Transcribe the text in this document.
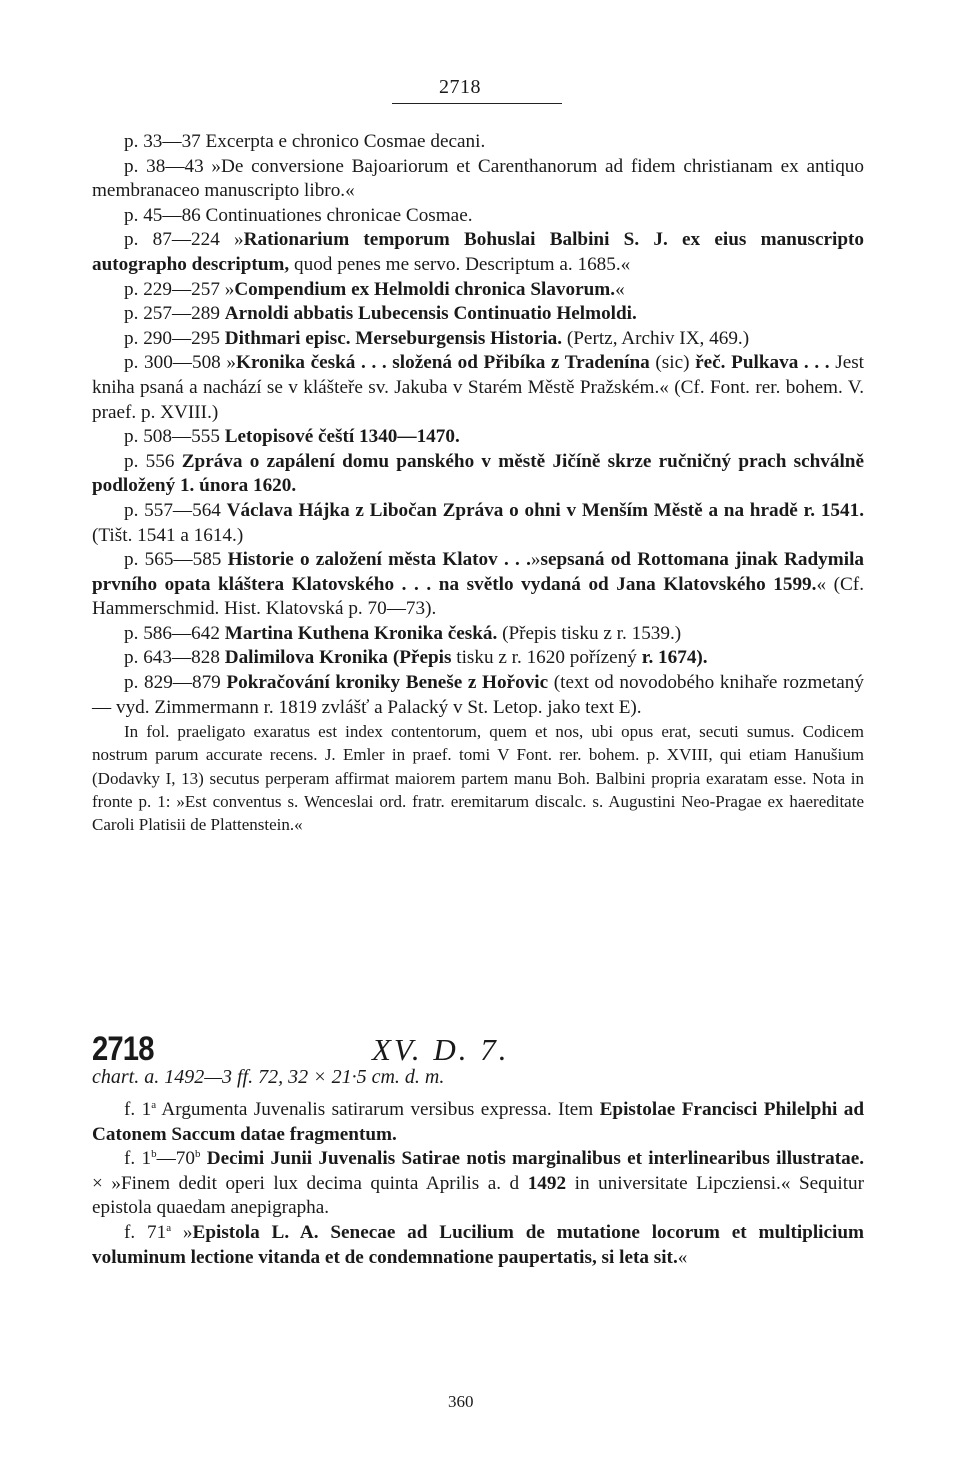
2718
p. 33—37 Excerpta e chronico Cosmae decani.
p. 38—43 »De conversione Bajoariorum et Carenthanorum ad fidem christianam ex antiquo membranaceo manuscripto libro.«
p. 45—86 Continuationes chronicae Cosmae.
p. 87—224 »Rationarium temporum Bohuslai Balbini S. J. ex eius manuscripto autographo descriptum, quod penes me servo. Descriptum a. 1685.«
p. 229—257 »Compendium ex Helmoldi chronica Slavorum.«
p. 257—289 Arnoldi abbatis Lubecensis Continuatio Helmoldi.
p. 290—295 Dithmari episc. Merseburgensis Historia. (Pertz, Archiv IX, 469.)
p. 300—508 »Kronika česká . . . složená od Přibíka z Tradenína (sic) řeč. Pulkava . . . Jest kniha psaná a nachází se v klášteře sv. Jakuba v Starém Městě Pražském.« (Cf. Font. rer. bohem. V. praef. p. XVIII.)
p. 508—555 Letopisové čeští 1340—1470.
p. 556 Zpráva o zapálení domu panského v městě Jičíně skrze ručničný prach schválně podložený 1. února 1620.
p. 557—564 Václava Hájka z Libočan Zpráva o ohni v Menším Městě a na hradě r. 1541. (Tišt. 1541 a 1614.)
p. 565—585 Historie o založení města Klatov . . .»sepsaná od Rottomana jinak Radymila prvního opata kláštera Klatovského . . . na světlo vydaná od Jana Klatovského 1599.« (Cf. Hammerschmid. Hist. Klatovská p. 70—73).
p. 586—642 Martina Kuthena Kronika česká. (Přepis tisku z r. 1539.)
p. 643—828 Dalimilova Kronika (Přepis tisku z r. 1620 pořízený r. 1674).
p. 829—879 Pokračování kroniky Beneše z Hořovic (text od novodobého knihaře rozmetaný — vyd. Zimmermann r. 1819 zvlášť a Palacký v St. Letop. jako text E).
In fol. praeligato exaratus est index contentorum, quem et nos, ubi opus erat, secuti sumus. Codicem nostrum parum accurate recens. J. Emler in praef. tomi V Font. rer. bohem. p. XVIII, qui etiam Hanušium (Dodavky I, 13) secutus perperam affirmat maiorem partem manu Boh. Balbini propria exaratam esse. Nota in fronte p. 1: »Est conventus s. Wenceslai ord. fratr. eremitarum discalc. s. Augustini Neo-Pragae ex haereditate Caroli Platisii de Plattenstein.«
2718	XV. D. 7.
chart. a. 1492—3 ff. 72, 32 × 21·5 cm. d. m.
f. 1$^a$ Argumenta Juvenalis satirarum versibus expressa. Item Epistolae Francisci Philelphi ad Catonem Saccum datae fragmentum.
f. 1$^b$—70$^b$ Decimi Junii Juvenalis Satirae notis marginalibus et interlinearibus illustratae. × »Finem dedit operi lux decima quinta Aprilis a. d 1492 in universitate Lipcziensi.« Sequitur epistola quaedam anepigrapha.
f. 71$^a$ »Epistola L. A. Senecae ad Lucilium de mutatione locorum et multiplicium voluminum lectione vitanda et de condemnatione paupertatis, si leta sit.«
360
